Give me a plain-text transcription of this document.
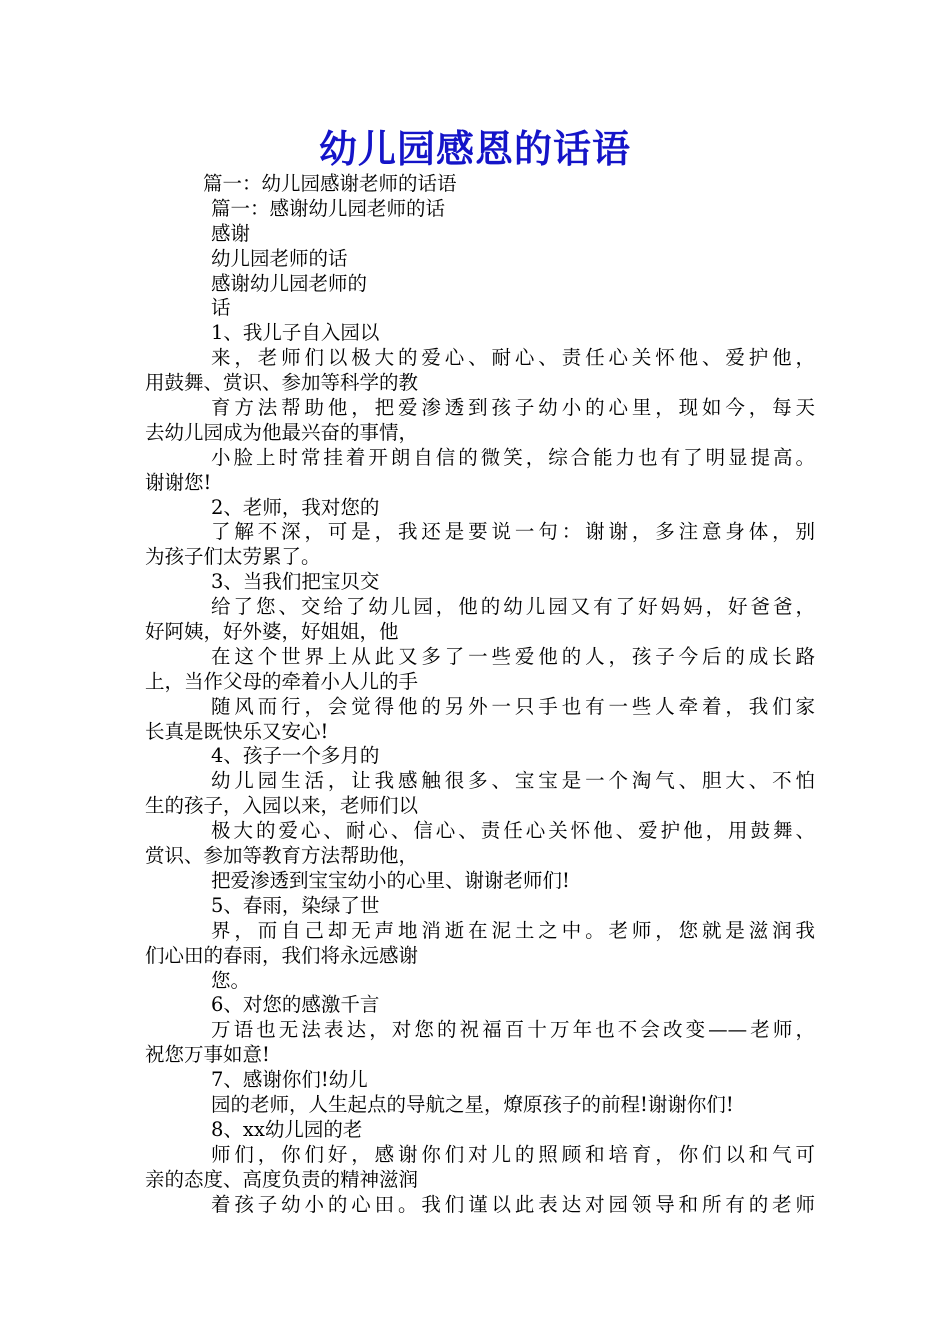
幼儿园感恩的话语
篇一：幼儿园感谢老师的话语
篇一：感谢幼儿园老师的话
感谢
幼儿园老师的话
感谢幼儿园老师的
话
1、我儿子自入园以
来，老师们以极大的爱心、耐心、责任心关怀他、爱护他，
用鼓舞、赏识、参加等科学的教
育方法帮助他，把爱渗透到孩子幼小的心里，现如今，每天
去幼儿园成为他最兴奋的事情，
小脸上时常挂着开朗自信的微笑，综合能力也有了明显提高。
谢谢您!
2、老师，我对您的
了解不深，可是，我还是要说一句：谢谢，多注意身体，别
为孩子们太劳累了。
3、当我们把宝贝交
给了您、交给了幼儿园，他的幼儿园又有了好妈妈，好爸爸，
好阿姨，好外婆，好姐姐，他
在这个世界上从此又多了一些爱他的人，孩子今后的成长路
上，当作父母的牵着小人儿的手
随风而行，会觉得他的另外一只手也有一些人牵着，我们家
长真是既快乐又安心!
4、孩子一个多月的
幼儿园生活，让我感触很多、宝宝是一个淘气、胆大、不怕
生的孩子，入园以来，老师们以
极大的爱心、耐心、信心、责任心关怀他、爱护他，用鼓舞、
赏识、参加等教育方法帮助他，
把爱渗透到宝宝幼小的心里、谢谢老师们!
5、春雨，染绿了世
界，而自己却无声地消逝在泥土之中。老师，您就是滋润我
们心田的春雨，我们将永远感谢
您。
6、对您的感激千言
万语也无法表达，对您的祝福百十万年也不会改变——老师，
祝您万事如意!
7、感谢你们!幼儿
园的老师，人生起点的导航之星，燎原孩子的前程!谢谢你们!
8、xx幼儿园的老
师们，你们好，感谢你们对儿的照顾和培育，你们以和气可
亲的态度、高度负责的精神滋润
着孩子幼小的心田。我们谨以此表达对园领导和所有的老师
